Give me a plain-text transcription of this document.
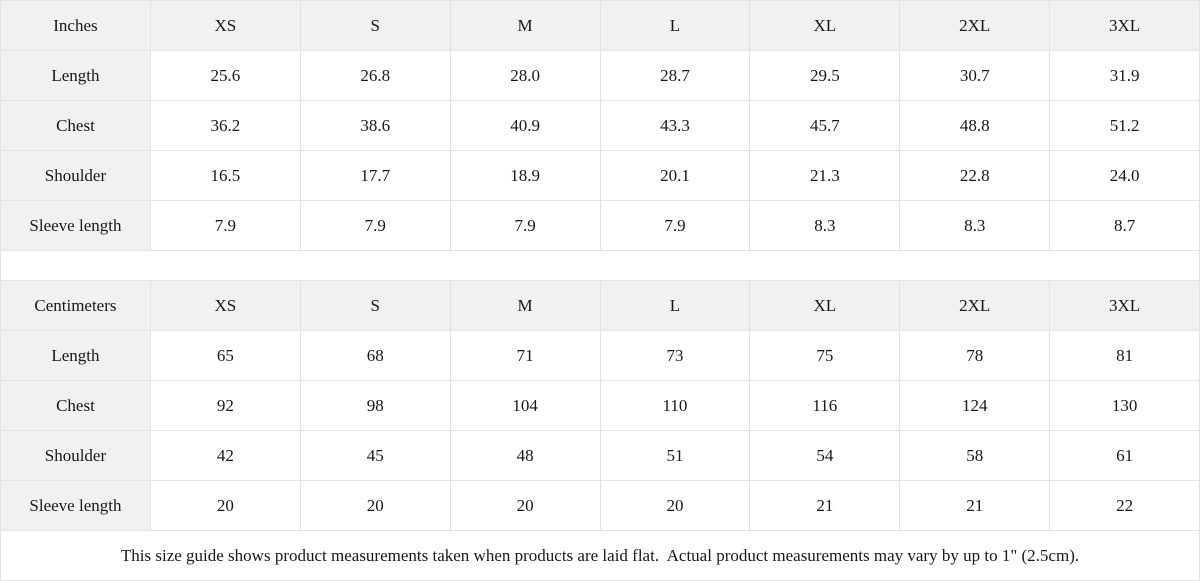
Inches	XS	S	M	L	XL	2XL	3XL
Length	25.6	26.8	28.0	28.7	29.5	30.7	31.9
Chest	36.2	38.6	40.9	43.3	45.7	48.8	51.2
Shoulder	16.5	17.7	18.9	20.1	21.3	22.8	24.0
Sleeve length	7.9	7.9	7.9	7.9	8.3	8.3	8.7

Centimeters	XS	S	M	L	XL	2XL	3XL
Length	65	68	71	73	75	78	81
Chest	92	98	104	110	116	124	130
Shoulder	42	45	48	51	54	58	61
Sleeve length	20	20	20	20	21	21	22
This size guide shows product measurements taken when products are laid flat.  Actual product measurements may vary by up to 1" (2.5cm).							
